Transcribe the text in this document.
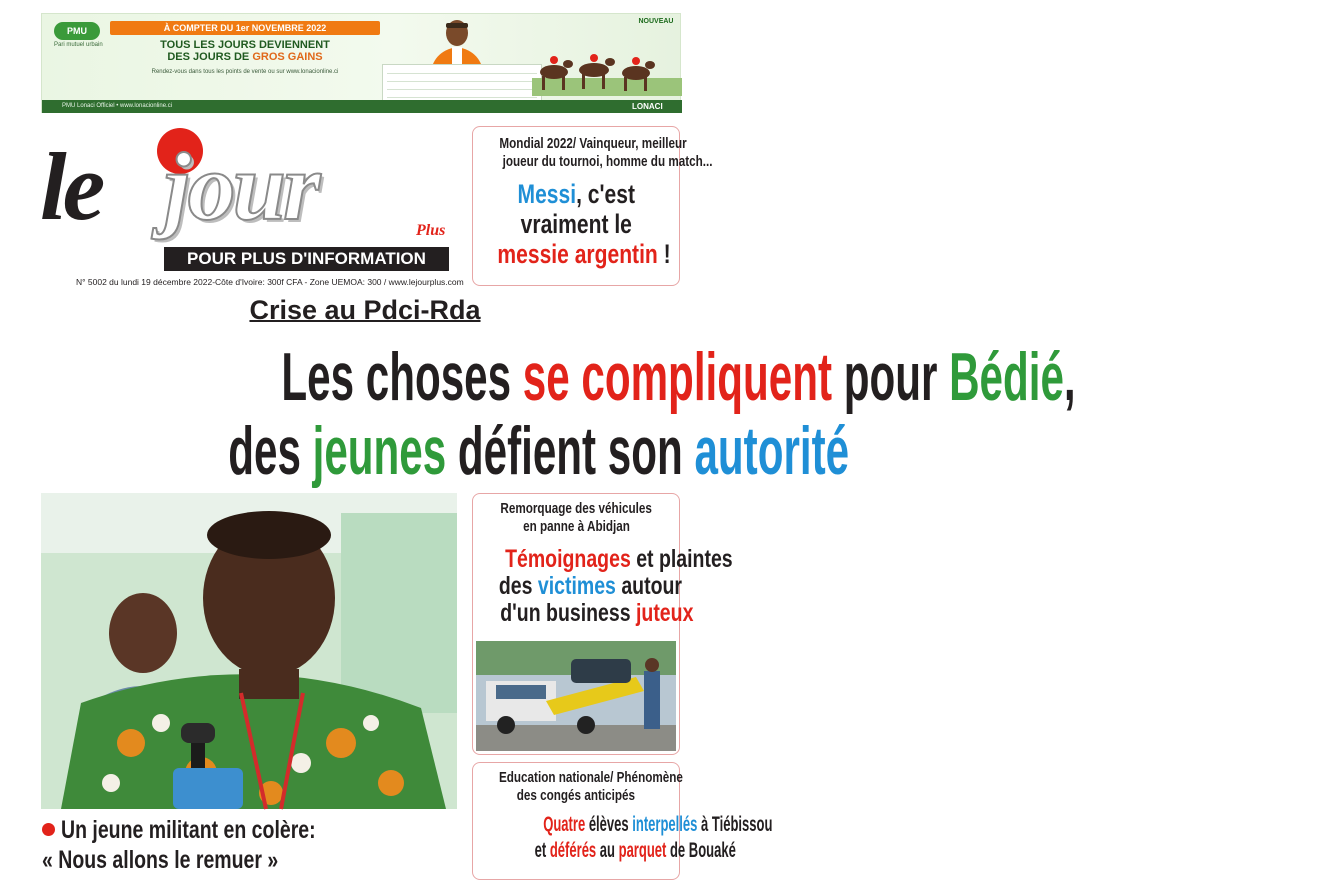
PMU
Pari mutuel urbain
À COMPTER DU 1er NOVEMBRE 2022
TOUS LES JOURS DEVIENNENT
DES JOURS DE GROS GAINS
Rendez-vous dans tous les points de vente ou sur www.lonacionline.ci
NOUVEAU
PMU Lonaci Officiel • www.lonacionline.ci	LONACI
le jour	Plus
POUR PLUS D'INFORMATION
N° 5002 du lundi 19 décembre 2022-Côte d'Ivoire: 300f CFA - Zone UEMOA: 300 / www.lejourplus.com
Mondial 2022/ Vainqueur, meilleur
joueur du tournoi, homme du match...
Messi, c'est
vraiment le
messie argentin !
Crise au Pdci-Rda
Les choses se compliquent pour Bédié,
des jeunes défient son autorité
Un jeune militant en colère:
« Nous allons le remuer »
Remorquage des véhicules
en panne à Abidjan
Témoignages et plaintes
des victimes autour
d'un business juteux
Education nationale/ Phénomène
des congés anticipés
Quatre élèves interpellés à Tiébissou
et déférés au parquet de Bouaké
